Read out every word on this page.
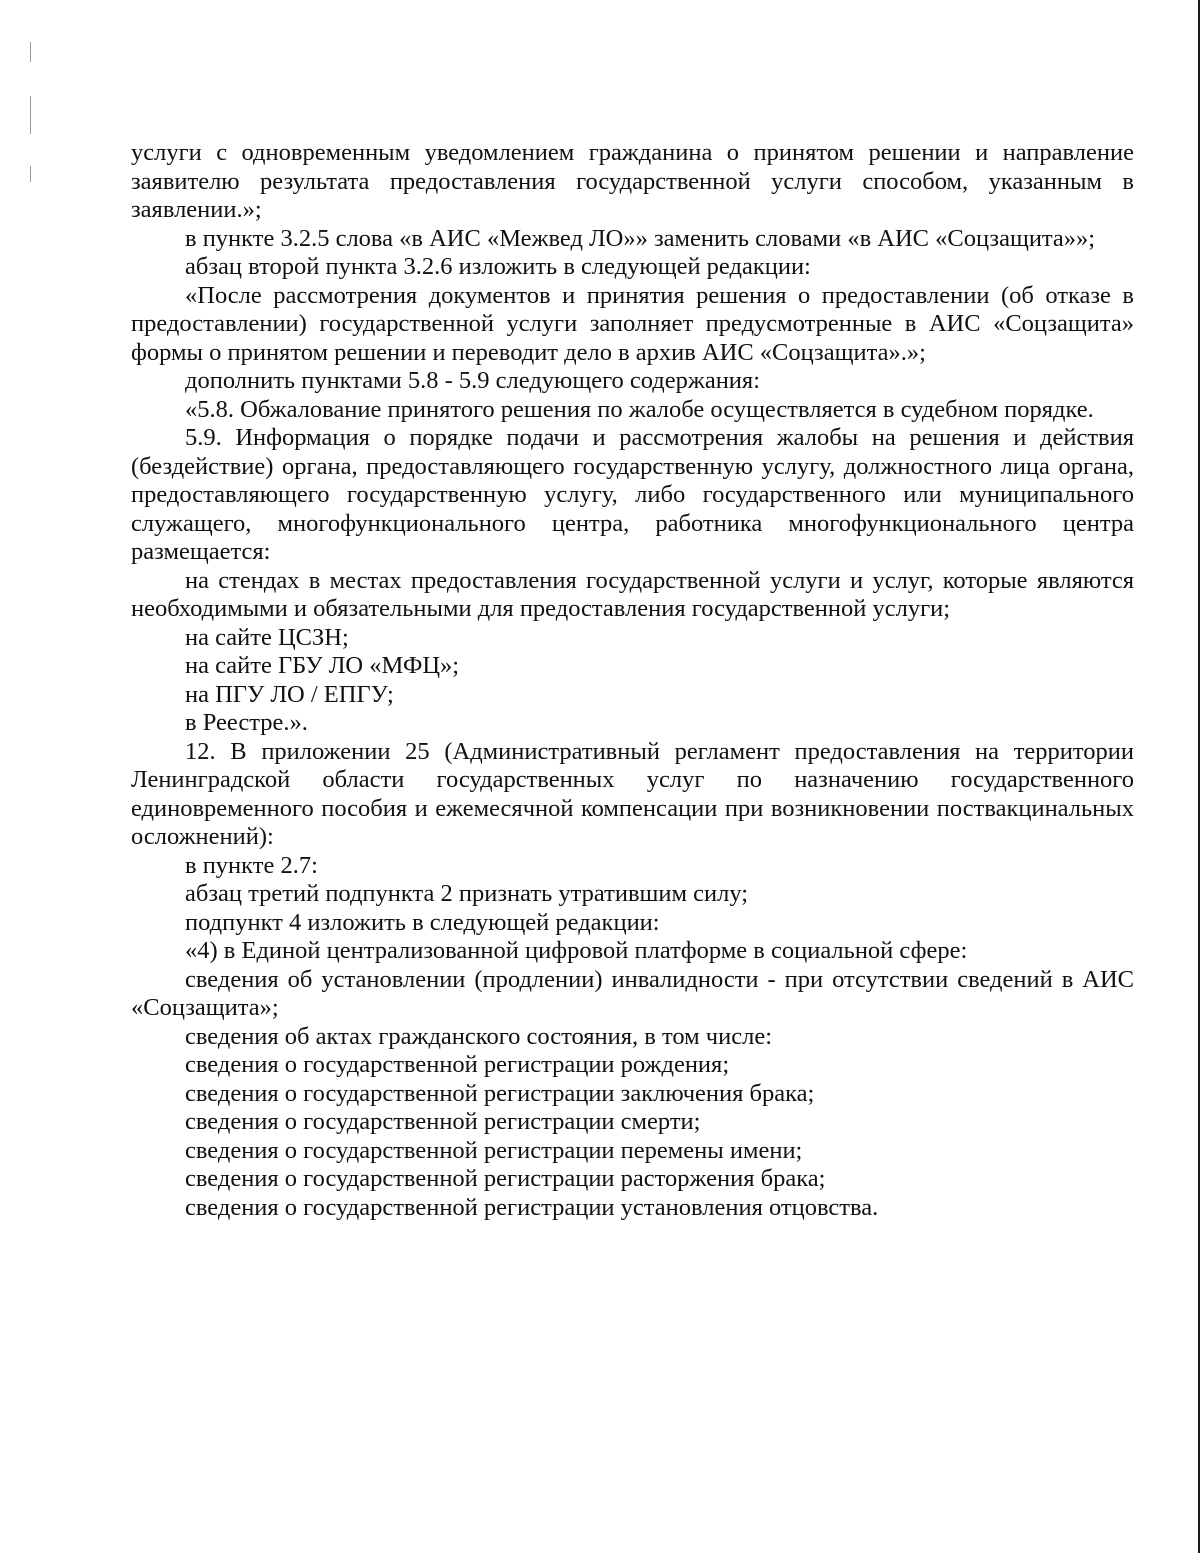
услуги с одновременным уведомлением гражданина о принятом решении и направление заявителю результата предоставления государственной услуги способом, указанным в заявлении.»;

в пункте 3.2.5 слова «в АИС «Межвед ЛО»» заменить словами «в АИС «Соцзащита»»;

абзац второй пункта 3.2.6 изложить в следующей редакции:

«После рассмотрения документов и принятия решения о предоставлении (об отказе в предоставлении) государственной услуги заполняет предусмотренные в АИС «Соцзащита» формы о принятом решении и переводит дело в архив АИС «Соцзащита».»;

дополнить пунктами 5.8 - 5.9 следующего содержания:

«5.8. Обжалование принятого решения по жалобе осуществляется в судебном порядке.

5.9. Информация о порядке подачи и рассмотрения жалобы на решения и действия (бездействие) органа, предоставляющего государственную услугу, должностного лица органа, предоставляющего государственную услугу, либо государственного или муниципального служащего, многофункционального центра, работника многофункционального центра размещается:

на стендах в местах предоставления государственной услуги и услуг, которые являются необходимыми и обязательными для предоставления государственной услуги;

на сайте ЦСЗН;

на сайте ГБУ ЛО «МФЦ»;

на ПГУ ЛО / ЕПГУ;

в Реестре.».

12. В приложении 25 (Административный регламент предоставления на территории Ленинградской области государственных услуг по назначению государственного единовременного пособия и ежемесячной компенсации при возникновении поствакцинальных осложнений):

в пункте 2.7:

абзац третий подпункта 2 признать утратившим силу;

подпункт 4 изложить в следующей редакции:

«4) в Единой централизованной цифровой платформе в социальной сфере:

сведения об установлении (продлении) инвалидности - при отсутствии сведений в АИС «Соцзащита»;

сведения об актах гражданского состояния, в том числе:

сведения о государственной регистрации рождения;

сведения о государственной регистрации заключения брака;

сведения о государственной регистрации смерти;

сведения о государственной регистрации перемены имени;

сведения о государственной регистрации расторжения брака;

сведения о государственной регистрации установления отцовства.
